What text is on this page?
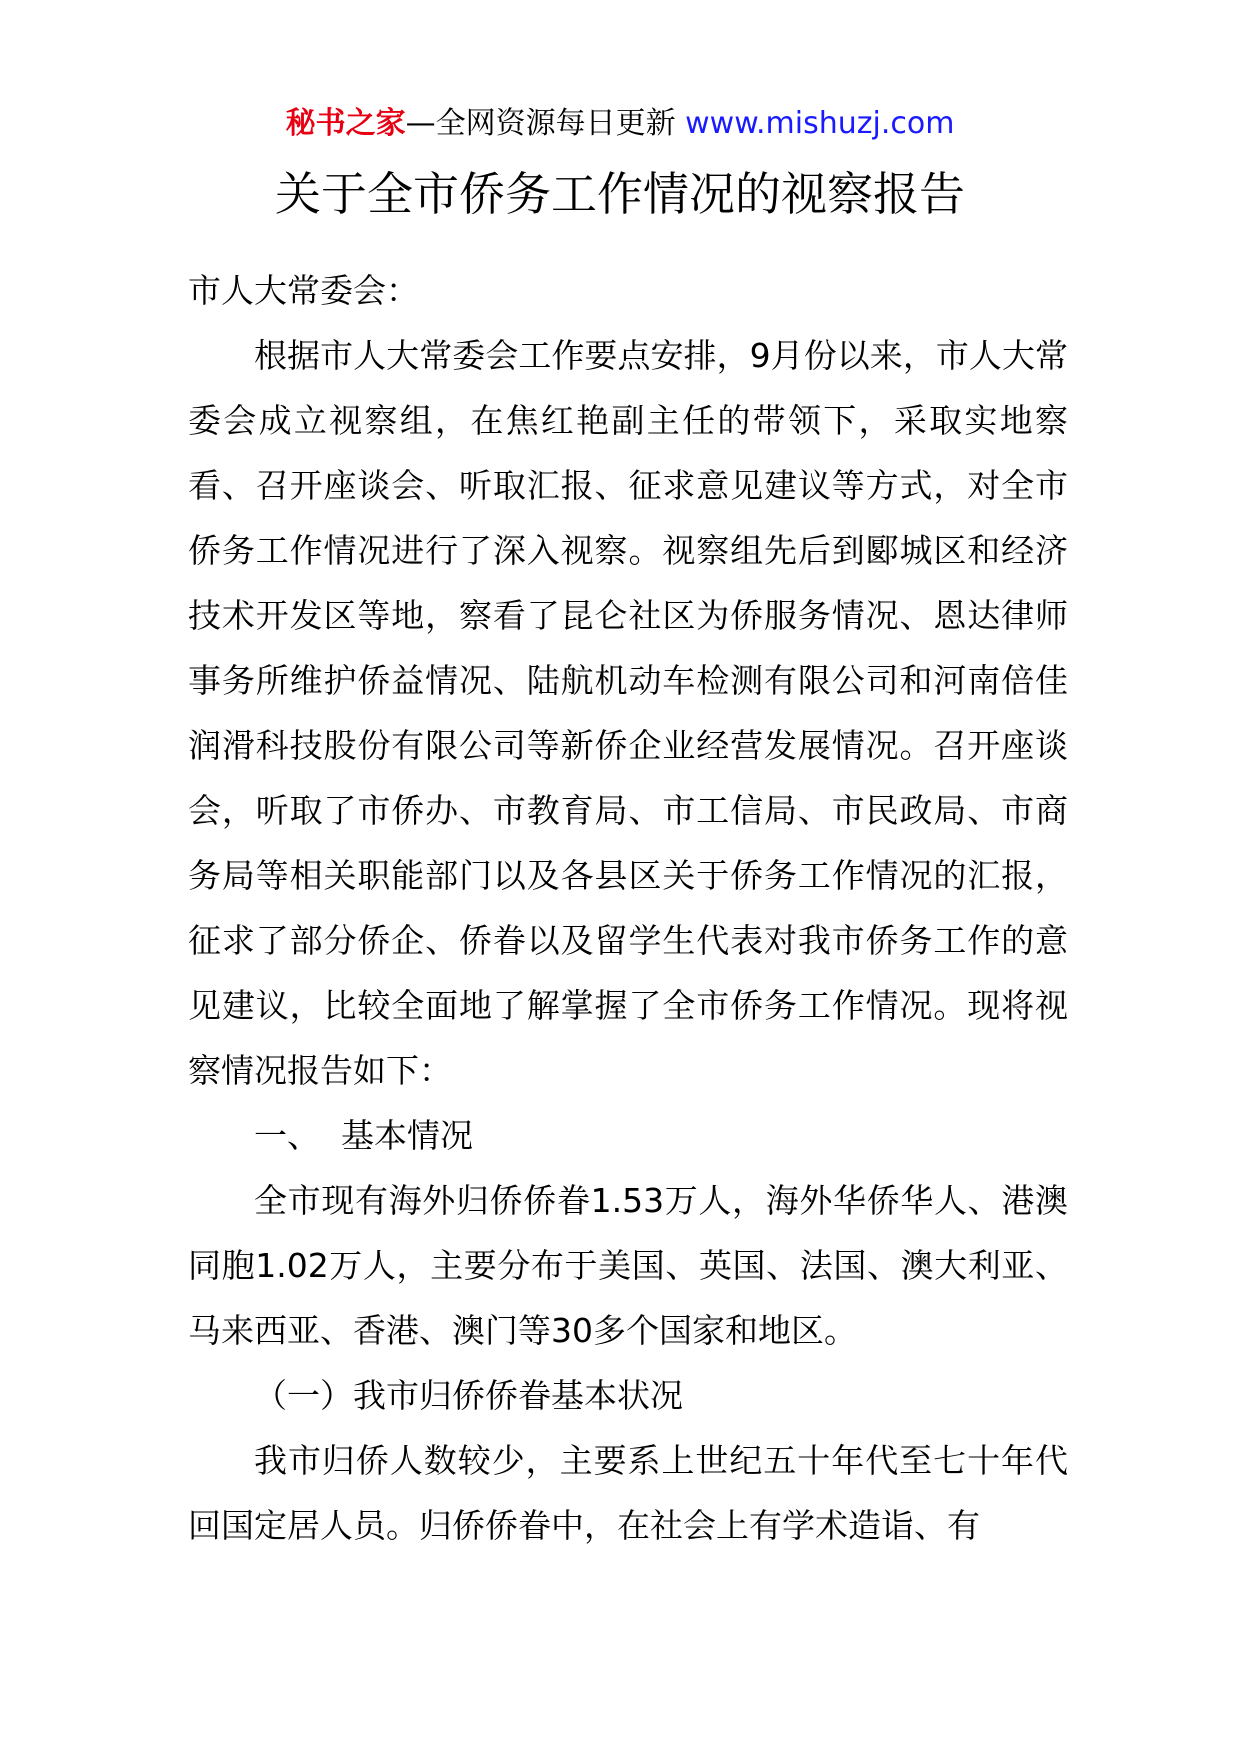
秘书之家—全网资源每日更新 www.mishuzj.com
关于全市侨务工作情况的视察报告

市人大常委会：

根据市人大常委会工作要点安排，9月份以来，市人大常委会成立视察组，在焦红艳副主任的带领下，采取实地察看、召开座谈会、听取汇报、征求意见建议等方式，对全市侨务工作情况进行了深入视察。视察组先后到郾城区和经济技术开发区等地，察看了昆仑社区为侨服务情况、恩达律师事务所维护侨益情况、陆航机动车检测有限公司和河南倍佳润滑科技股份有限公司等新侨企业经营发展情况。召开座谈会，听取了市侨办、市教育局、市工信局、市民政局、市商务局等相关职能部门以及各县区关于侨务工作情况的汇报，征求了部分侨企、侨眷以及留学生代表对我市侨务工作的意见建议，比较全面地了解掌握了全市侨务工作情况。现将视察情况报告如下：

一、  基本情况

全市现有海外归侨侨眷1.53万人，海外华侨华人、港澳同胞1.02万人，主要分布于美国、英国、法国、澳大利亚、马来西亚、香港、澳门等30多个国家和地区。

（一）我市归侨侨眷基本状况

我市归侨人数较少，主要系上世纪五十年代至七十年代回国定居人员。归侨侨眷中，在社会上有学术造诣、有
